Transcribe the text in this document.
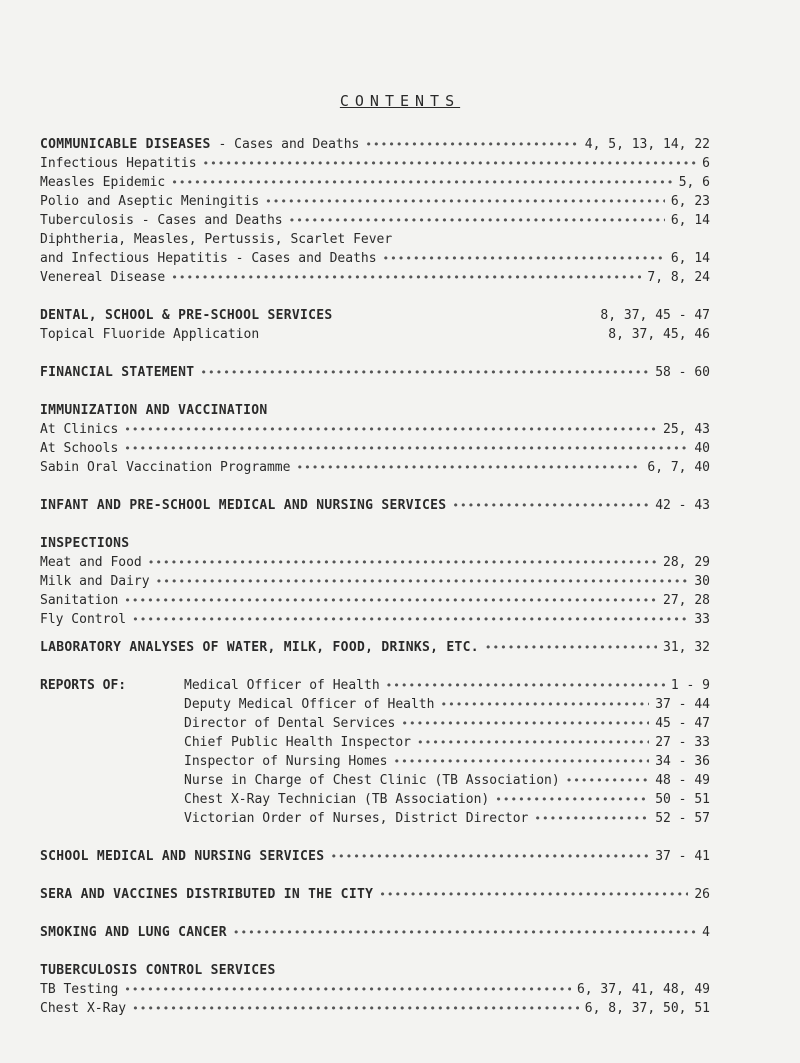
CONTENTS
COMMUNICABLE DISEASES - Cases and Deaths •••••	4, 5, 13, 14, 22
Infectious Hepatitis •••••	6
Measles Epidemic •••••	5, 6
Polio and Aseptic Meningitis •••••	6, 23
Tuberculosis - Cases and Deaths •••••	6, 14
Diphtheria, Measles, Pertussis, Scarlet Fever
and Infectious Hepatitis - Cases and Deaths •••••	6, 14
Venereal Disease •••••	7, 8, 24
DENTAL, SCHOOL & PRE-SCHOOL SERVICES	8, 37, 45 - 47
Topical Fluoride Application	8, 37, 45, 46
FINANCIAL STATEMENT •••••	58 - 60
IMMUNIZATION AND VACCINATION
At Clinics •••••	25, 43
At Schools •••••	40
Sabin Oral Vaccination Programme •••••	6, 7, 40
INFANT AND PRE-SCHOOL MEDICAL AND NURSING SERVICES •••••	42 - 43
INSPECTIONS
Meat and Food •••••	28, 29
Milk and Dairy •••••	30
Sanitation •••••	27, 28
Fly Control •••••	33
LABORATORY ANALYSES OF WATER, MILK, FOOD, DRINKS, ETC. •••••	31, 32
REPORTS OF:	Medical Officer of Health •••••	1 - 9
Deputy Medical Officer of Health •••••	37 - 44
Director of Dental Services •••••	45 - 47
Chief Public Health Inspector •••••	27 - 33
Inspector of Nursing Homes •••••	34 - 36
Nurse in Charge of Chest Clinic (TB Association) •••••	48 - 49
Chest X-Ray Technician (TB Association) •••••	50 - 51
Victorian Order of Nurses, District Director •••••	52 - 57
SCHOOL MEDICAL AND NURSING SERVICES •••••	37 - 41
SERA AND VACCINES DISTRIBUTED IN THE CITY •••••	26
SMOKING AND LUNG CANCER •••••	4
TUBERCULOSIS CONTROL SERVICES
TB Testing •••••	6, 37, 41, 48, 49
Chest X-Ray •••••	6, 8, 37, 50, 51
